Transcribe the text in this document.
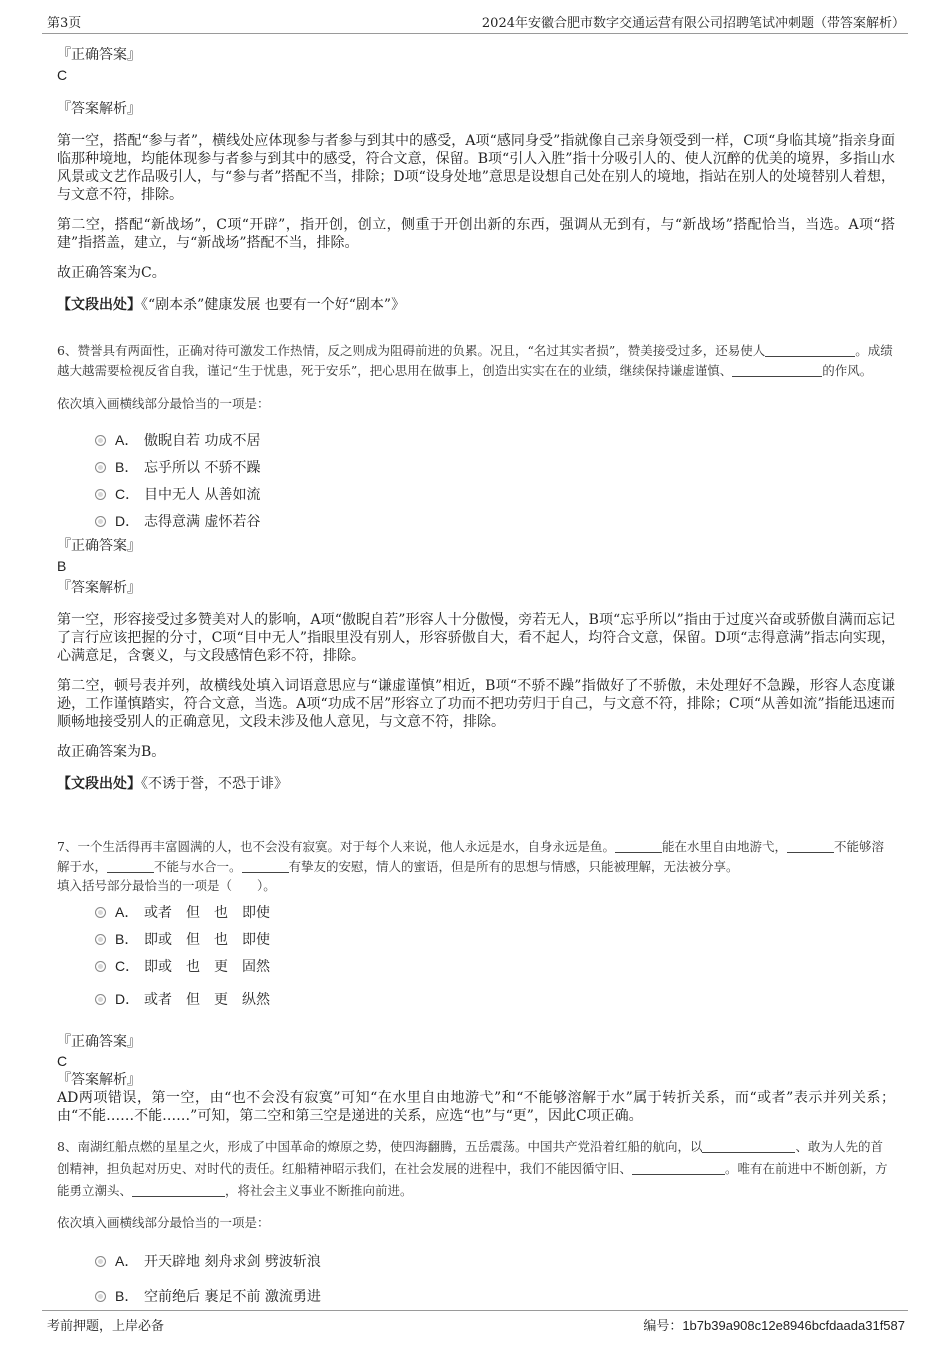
第3页	2024年安徽合肥市数字交通运营有限公司招聘笔试冲刺题（带答案解析）
『正确答案』
C
『答案解析』
第一空，搭配“参与者”，横线处应体现参与者参与到其中的感受，A项“感同身受”指就像自己亲身领受到一样，C项“身临其境”指亲身面临那种境地，均能体现参与者参与到其中的感受，符合文意，保留。B项“引人入胜”指十分吸引人的、使人沉醉的优美的境界，多指山水风景或文艺作品吸引人，与“参与者”搭配不当，排除；D项“设身处地”意思是设想自己处在别人的境地，指站在别人的处境替别人着想，与文意不符，排除。
第二空，搭配“新战场”，C项“开辟”，指开创，创立，侧重于开创出新的东西，强调从无到有，与“新战场”搭配恰当，当选。A项“搭建”指搭盖，建立，与“新战场”搭配不当，排除。
故正确答案为C。
【文段出处】《“剧本杀”健康发展 也要有一个好“剧本”》
6、赞誉具有两面性，正确对待可激发工作热情，反之则成为阻碍前进的负累。况且，“名过其实者损”，赞美接受过多，还易使人	。成绩越大越需要检视反省自我，谨记“生于忧患，死于安乐”，把心思用在做事上，创造出实实在在的业绩，继续保持谦虚谨慎、	的作风。
依次填入画横线部分最恰当的一项是：
A． 傲睨自若 功成不居
B． 忘乎所以 不骄不躁
C． 目中无人 从善如流
D． 志得意满 虚怀若谷
『正确答案』
B
『答案解析』
第一空，形容接受过多赞美对人的影响，A项“傲睨自若”形容人十分傲慢，旁若无人，B项“忘乎所以”指由于过度兴奋或骄傲自满而忘记了言行应该把握的分寸，C项“目中无人”指眼里没有别人，形容骄傲自大，看不起人，均符合文意，保留。D项“志得意满”指志向实现，心满意足，含褒义，与文段感情色彩不符，排除。
第二空，顿号表并列，故横线处填入词语意思应与“谦虚谨慎”相近，B项“不骄不躁”指做好了不骄傲，未处理好不急躁，形容人态度谦逊，工作谨慎踏实，符合文意，当选。A项“功成不居”形容立了功而不把功劳归于自己，与文意不符，排除；C项“从善如流”指能迅速而顺畅地接受别人的正确意见，文段未涉及他人意见，与文意不符，排除。
故正确答案为B。
【文段出处】《不诱于誉，不恐于诽》
7、一个生活得再丰富圆满的人，也不会没有寂寞。对于每个人来说，他人永远是水，自身永远是鱼。	能在水里自由地游弋，	不能够溶解于水，	不能与水合一。	有挚友的安慰，情人的蜜语，但是所有的思想与情感，只能被理解，无法被分享。
填入括号部分最恰当的一项是（　　）。
A． 或者　但　也　即使
B． 即或　但　也　即使
C． 即或　也　更　固然
D． 或者　但　更　纵然
『正确答案』
C
『答案解析』
AD两项错误，第一空，由“也不会没有寂寞”可知“在水里自由地游弋”和“不能够溶解于水”属于转折关系，而“或者”表示并列关系；由“不能……不能……”可知，第二空和第三空是递进的关系，应选“也”与“更”，因此C项正确。
8、南湖红船点燃的星星之火，形成了中国革命的燎原之势，使四海翻腾，五岳震荡。中国共产党沿着红船的航向，以	、敢为人先的首创精神，担负起对历史、对时代的责任。红船精神昭示我们，在社会发展的进程中，我们不能因循守旧、	。唯有在前进中不断创新，方能勇立潮头、	，将社会主义事业不断推向前进。
依次填入画横线部分最恰当的一项是：
A． 开天辟地 刻舟求剑 劈波斩浪
B． 空前绝后 裹足不前 激流勇进
考前押题，上岸必备	编号：1b7b39a908c12e8946bcfdaada31f587
